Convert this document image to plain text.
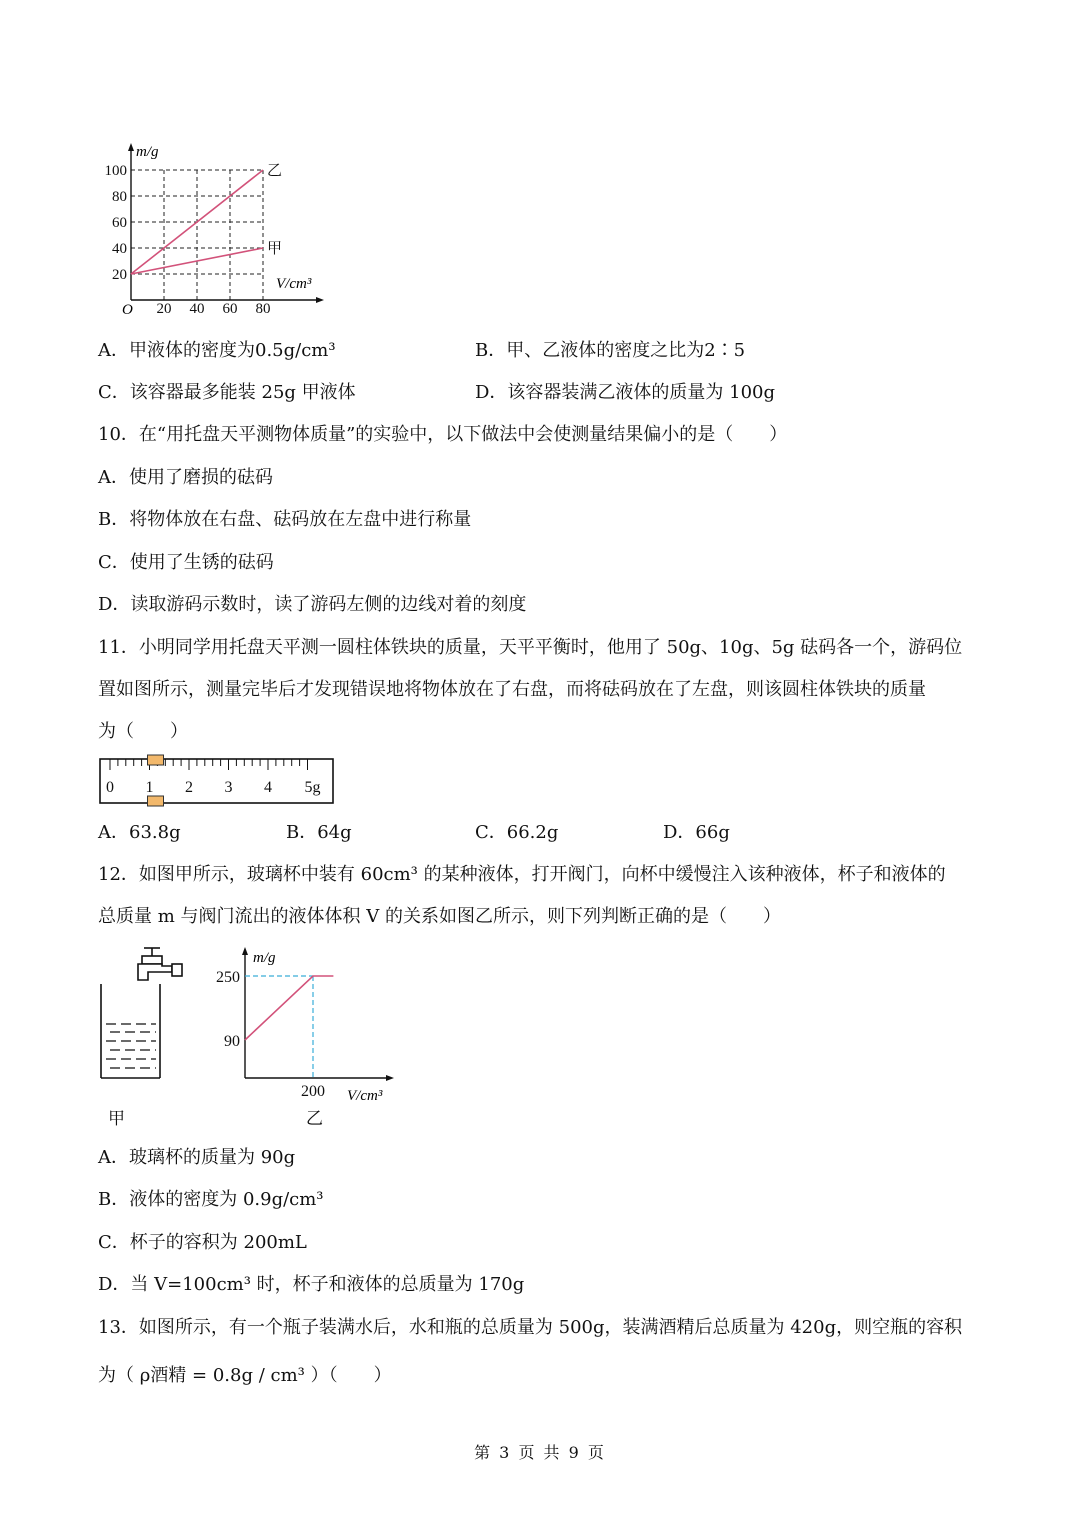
20
40
60
80
100
20 40 60 80
乙
甲
m/g
V/cm³
O
A．甲液体的密度为0.5g/cm³	B．甲、乙液体的密度之比为2∶5
C．该容器最多能装 25g 甲液体	D．该容器装满乙液体的质量为 100g
10．在“用托盘天平测物体质量”的实验中，以下做法中会使测量结果偏小的是（　　）
A．使用了磨损的砝码
B．将物体放在右盘、砝码放在左盘中进行称量
C．使用了生锈的砝码
D．读取游码示数时，读了游码左侧的边线对着的刻度
11．小明同学用托盘天平测一圆柱体铁块的质量，天平平衡时，他用了 50g、10g、5g 砝码各一个，游码位
置如图所示，测量完毕后才发现错误地将物体放在了右盘，而将砝码放在了左盘，则该圆柱体铁块的质量
为（　　）
0 1 2 3 4 5g
A．63.8g	B．64g	C．66.2g	D．66g
12．如图甲所示，玻璃杯中装有 60cm³ 的某种液体，打开阀门，向杯中缓慢注入该种液体，杯子和液体的
总质量 m 与阀门流出的液体体积 V 的关系如图乙所示，则下列判断正确的是（　　）
甲
90
250
200
m/g
V/cm³
乙
A．玻璃杯的质量为 90g
B．液体的密度为 0.9g/cm³
C．杯子的容积为 200mL
D．当 V=100cm³ 时，杯子和液体的总质量为 170g
13．如图所示，有一个瓶子装满水后，水和瓶的总质量为 500g，装满酒精后总质量为 420g，则空瓶的容积
为（ ρ酒精 = 0.8g / cm³ ）（　　）
第 3 页 共 9 页
